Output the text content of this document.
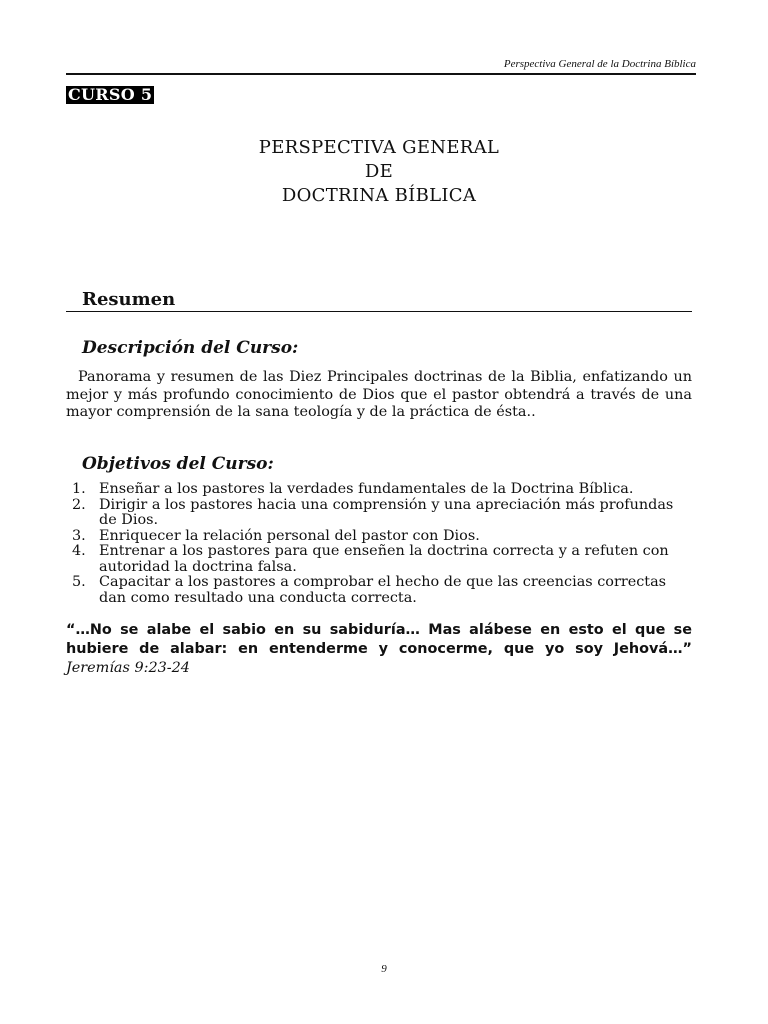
Perspectiva General de la Doctrina Bíblica
CURSO 5
PERSPECTIVA GENERAL
DE
DOCTRINA BÍBLICA
Resumen
Descripción del Curso:

Panorama y resumen de las Diez Principales doctrinas de la Biblia, enfatizando un mejor y más profundo conocimiento de Dios que el pastor obtendrá a través de una mayor comprensión de la sana teología y de la práctica de ésta..

Objetivos del Curso:
1. Enseñar a los pastores la verdades fundamentales de la Doctrina Bíblica.
2. Dirigir a los pastores hacia una comprensión y una apreciación más profundas de Dios.
3. Enriquecer la relación personal del pastor con Dios.
4. Entrenar a los pastores para que enseñen la doctrina correcta y a refuten con autoridad la doctrina falsa.
5. Capacitar a los pastores a comprobar el hecho de que las creencias correctas dan como resultado una conducta correcta.

“…No se alabe el sabio en su sabiduría… Mas alábese en esto el que se hubiere de alabar: en entenderme y conocerme, que yo soy Jehová…” Jeremías 9:23-24

9
